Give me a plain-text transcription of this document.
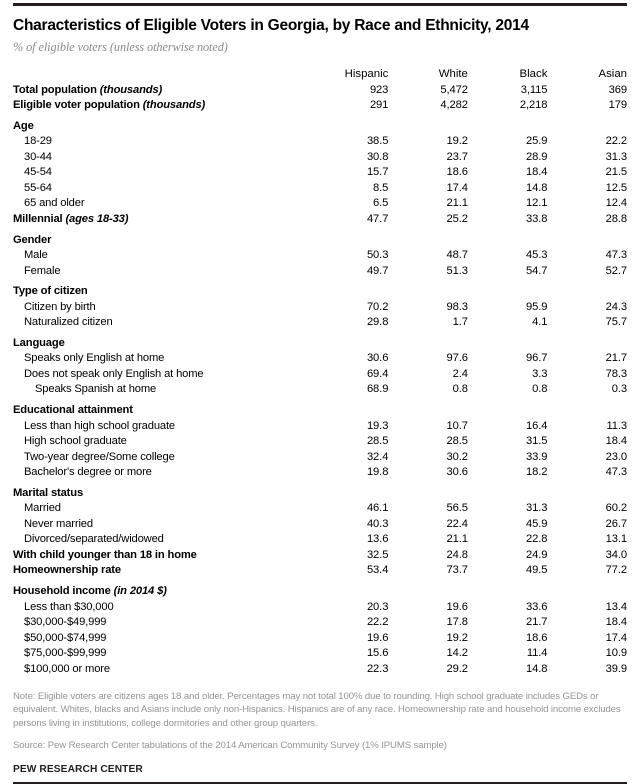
Characteristics of Eligible Voters in Georgia, by Race and Ethnicity, 2014
% of eligible voters (unless otherwise noted)
	Hispanic	White	Black	Asian
Total population (thousands)	923	5,472	3,115	369
Eligible voter population (thousands)	291	4,282	2,218	179

Age				
18-29	38.5	19.2	25.9	22.2
30-44	30.8	23.7	28.9	31.3
45-54	15.7	18.6	18.4	21.5
55-64	8.5	17.4	14.8	12.5
65 and older	6.5	21.1	12.1	12.4
Millennial (ages 18-33)	47.7	25.2	33.8	28.8

Gender				
Male	50.3	48.7	45.3	47.3
Female	49.7	51.3	54.7	52.7

Type of citizen				
Citizen by birth	70.2	98.3	95.9	24.3
Naturalized citizen	29.8	1.7	4.1	75.7

Language				
Speaks only English at home	30.6	97.6	96.7	21.7
Does not speak only English at home	69.4	2.4	3.3	78.3
Speaks Spanish at home	68.9	0.8	0.8	0.3

Educational attainment				
Less than high school graduate	19.3	10.7	16.4	11.3
High school graduate	28.5	28.5	31.5	18.4
Two-year degree/Some college	32.4	30.2	33.9	23.0
Bachelor's degree or more	19.8	30.6	18.2	47.3

Marital status				
Married	46.1	56.5	31.3	60.2
Never married	40.3	22.4	45.9	26.7
Divorced/separated/widowed	13.6	21.1	22.8	13.1
With child younger than 18 in home	32.5	24.8	24.9	34.0
Homeownership rate	53.4	73.7	49.5	77.2

Household income (in 2014 $)				
Less than $30,000	20.3	19.6	33.6	13.4
$30,000-$49,999	22.2	17.8	21.7	18.4
$50,000-$74,999	19.6	19.2	18.6	17.4
$75,000-$99,999	15.6	14.2	11.4	10.9
$100,000 or more	22.3	29.2	14.8	39.9
Note: Eligible voters are citizens ages 18 and older. Percentages may not total 100% due to rounding. High school graduate includes GEDs or equivalent. Whites, blacks and Asians include only non-Hispanics. Hispanics are of any race. Homeownership rate and household income excludes persons living in institutions, college dormitories and other group quarters.
Source: Pew Research Center tabulations of the 2014 American Community Survey (1% IPUMS sample)
PEW RESEARCH CENTER
